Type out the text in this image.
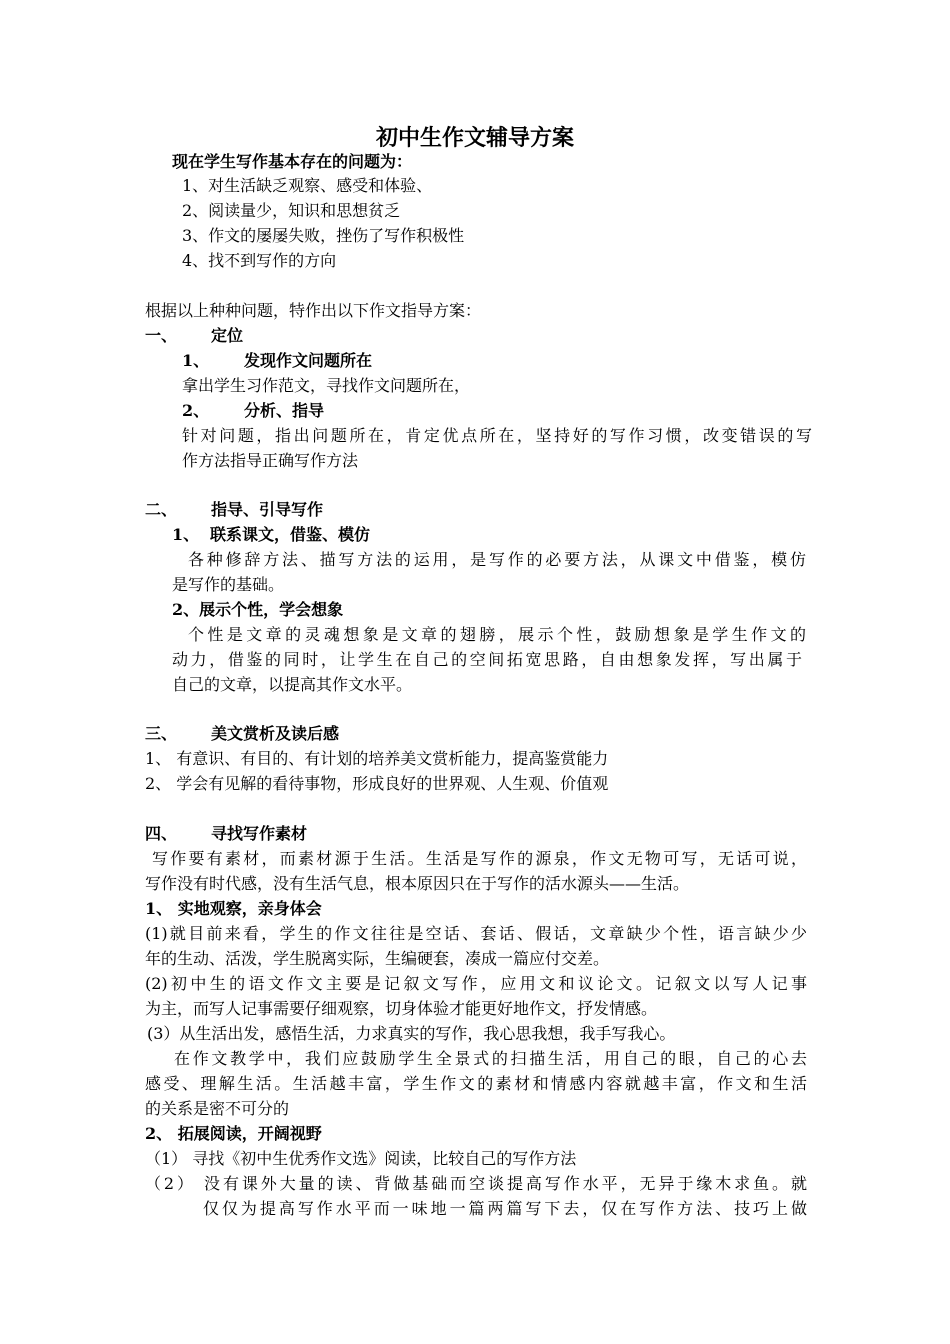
初中生作文辅导方案
现在学生写作基本存在的问题为：
1、对生活缺乏观察、感受和体验、
2、阅读量少，知识和思想贫乏
3、作文的屡屡失败，挫伤了写作积极性
4、找不到写作的方向
根据以上种种问题，特作出以下作文指导方案：
一、 定位
1、 发现作文问题所在
拿出学生习作范文，寻找作文问题所在，
2、 分析、指导
针对问题，指出问题所在，肯定优点所在，坚持好的写作习惯，改变错误的写
作方法指导正确写作方法
二、 指导、引导写作
1、 联系课文，借鉴、模仿
各种修辞方法、描写方法的运用，是写作的必要方法，从课文中借鉴，模仿
是写作的基础。
2、展示个性，学会想象
个性是文章的灵魂想象是文章的翅膀，展示个性，鼓励想象是学生作文的
动力，借鉴的同时，让学生在自己的空间拓宽思路，自由想象发挥，写出属于
自己的文章，以提高其作文水平。
三、 美文赏析及读后感
1、 有意识、有目的、有计划的培养美文赏析能力，提高鉴赏能力
2、 学会有见解的看待事物，形成良好的世界观、人生观、价值观
四、 寻找写作素材
写作要有素材，而素材源于生活。生活是写作的源泉，作文无物可写，无话可说，
写作没有时代感，没有生活气息，根本原因只在于写作的活水源头——生活。
1、 实地观察，亲身体会
(1)就目前来看，学生的作文往往是空话、套话、假话，文章缺少个性，语言缺少少
年的生动、活泼，学生脱离实际，生编硬套，凑成一篇应付交差。
(2)初中生的语文作文主要是记叙文写作，应用文和议论文。记叙文以写人记事
为主，而写人记事需要仔细观察，切身体验才能更好地作文，抒发情感。
(3）从生活出发，感悟生活，力求真实的写作，我心思我想，我手写我心。
在作文教学中，我们应鼓励学生全景式的扫描生活，用自己的眼，自己的心去
感受、理解生活。生活越丰富，学生作文的素材和情感内容就越丰富，作文和生活
的关系是密不可分的
2、 拓展阅读，开阔视野
（1） 寻找《初中生优秀作文选》阅读，比较自己的写作方法
（2） 没有课外大量的读、背做基础而空谈提高写作水平，无异于缘木求鱼。就
仅仅为提高写作水平而一味地一篇两篇写下去，仅在写作方法、技巧上做
